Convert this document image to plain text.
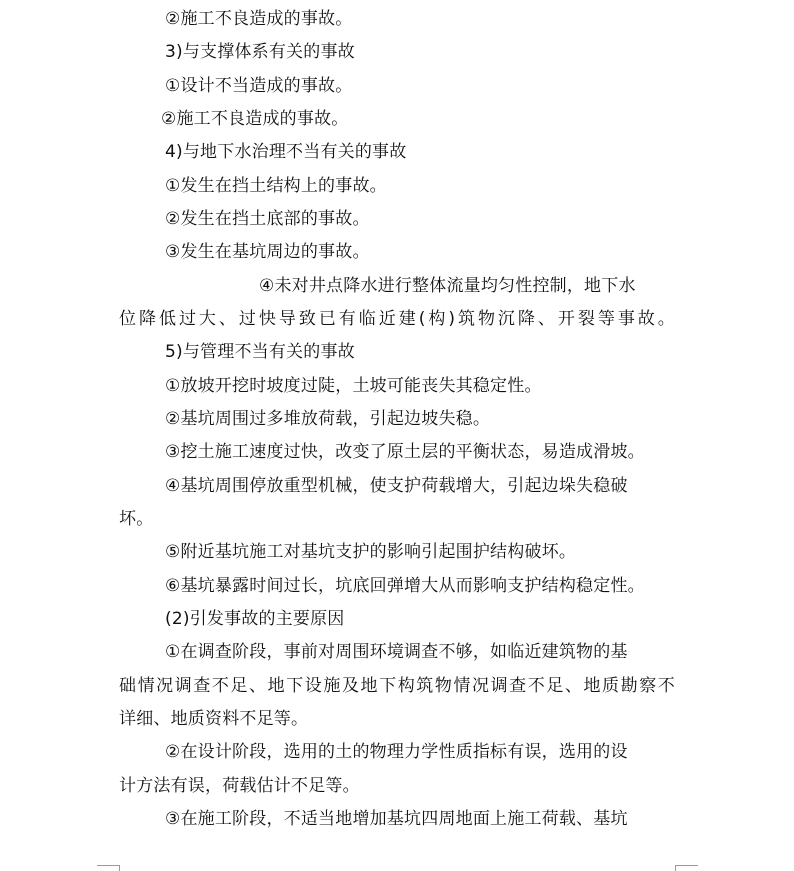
②施工不良造成的事故。
3)与支撑体系有关的事故
①设计不当造成的事故。
②施工不良造成的事故。
4)与地下水治理不当有关的事故
①发生在挡土结构上的事故。
②发生在挡土底部的事故。
③发生在基坑周边的事故。
④未对井点降水进行整体流量均匀性控制，地下水
位降低过大、过快导致已有临近建(构)筑物沉降、开裂等事故。
5)与管理不当有关的事故
①放坡开挖时坡度过陡，土坡可能丧失其稳定性。
②基坑周围过多堆放荷载，引起边坡失稳。
③挖土施工速度过快，改变了原土层的平衡状态，易造成滑坡。
④基坑周围停放重型机械，使支护荷载增大，引起边垛失稳破
坏。
⑤附近基坑施工对基坑支护的影响引起围护结构破坏。
⑥基坑暴露时间过长，坑底回弹增大从而影响支护结构稳定性。
(2)引发事故的主要原因
①在调查阶段，事前对周围环境调查不够，如临近建筑物的基
础情况调查不足、地下设施及地下构筑物情况调查不足、地质勘察不
详细、地质资料不足等。
②在设计阶段，选用的土的物理力学性质指标有误，选用的设
计方法有误，荷载估计不足等。
③在施工阶段，不适当地增加基坑四周地面上施工荷载、基坑
